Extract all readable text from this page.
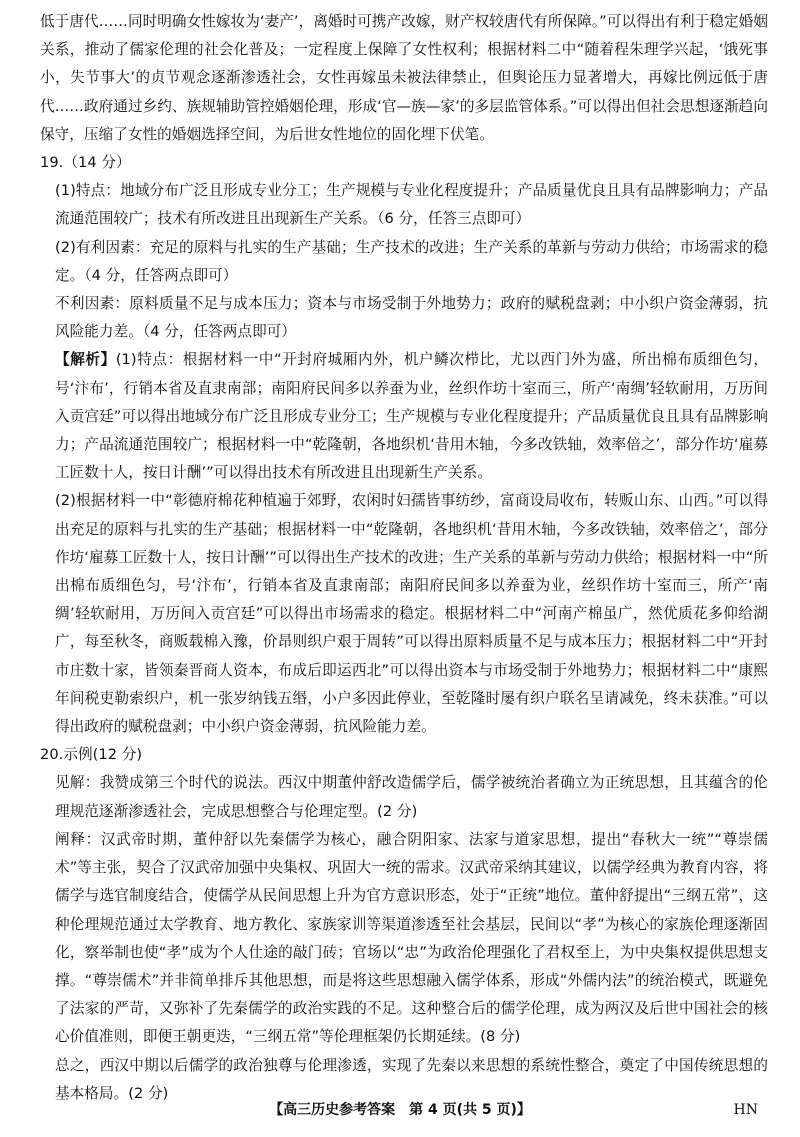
低于唐代……同时明确女性嫁妆为‘妻产’，离婚时可携产改嫁，财产权较唐代有所保障。”可以得出有利于稳定婚姻关系，推动了儒家伦理的社会化普及；一定程度上保障了女性权利；根据材料二中“随着程朱理学兴起，‘饿死事小，失节事大’的贞节观念逐渐渗透社会，女性再嫁虽未被法律禁止，但舆论压力显著增大，再嫁比例远低于唐代……政府通过乡约、族规辅助管控婚姻伦理，形成‘官—族—家’的多层监管体系。”可以得出但社会思想逐渐趋向保守，压缩了女性的婚姻选择空间，为后世女性地位的固化埋下伏笔。

19.（14 分）

(1)特点：地域分布广泛且形成专业分工；生产规模与专业化程度提升；产品质量优良且具有品牌影响力；产品流通范围较广；技术有所改进且出现新生产关系。（6 分，任答三点即可）

(2)有利因素：充足的原料与扎实的生产基础；生产技术的改进；生产关系的革新与劳动力供给；市场需求的稳定。（4 分，任答两点即可）

不利因素：原料质量不足与成本压力；资本与市场受制于外地势力；政府的赋税盘剥；中小织户资金薄弱，抗风险能力差。（4 分，任答两点即可）

【解析】(1)特点：根据材料一中“开封府城厢内外，机户鳞次栉比，尤以西门外为盛，所出棉布质细色匀，号‘汴布’，行销本省及直隶南部；南阳府民间多以养蚕为业，丝织作坊十室而三，所产‘南绸’轻软耐用，万历间入贡宫廷”可以得出地域分布广泛且形成专业分工；生产规模与专业化程度提升；产品质量优良且具有品牌影响力；产品流通范围较广；根据材料一中“乾隆朝，各地织机‘昔用木轴，今多改铁轴，效率倍之’，部分作坊‘雇募工匠数十人，按日计酬’”可以得出技术有所改进且出现新生产关系。

(2)根据材料一中“彰德府棉花种植遍于郊野，农闲时妇孺皆事纺纱，富商设局收布，转贩山东、山西。”可以得出充足的原料与扎实的生产基础；根据材料一中“乾隆朝，各地织机‘昔用木轴，今多改铁轴，效率倍之’，部分作坊‘雇募工匠数十人，按日计酬’”可以得出生产技术的改进；生产关系的革新与劳动力供给；根据材料一中“所出棉布质细色匀，号‘汴布’，行销本省及直隶南部；南阳府民间多以养蚕为业，丝织作坊十室而三，所产‘南绸’轻软耐用，万历间入贡宫廷”可以得出市场需求的稳定。根据材料二中“河南产棉虽广，然优质花多仰给湖广，每至秋冬，商贩载棉入豫，价昂则织户艰于周转”可以得出原料质量不足与成本压力；根据材料二中“开封市庄数十家，皆领秦晋商人资本，布成后即运西北”可以得出资本与市场受制于外地势力；根据材料二中“康熙年间税吏勒索织户，机一张岁纳钱五缗，小户多因此停业，至乾隆时屡有织户联名呈请减免，终未获准。”可以得出政府的赋税盘剥；中小织户资金薄弱，抗风险能力差。

20.示例(12 分)

见解：我赞成第三个时代的说法。西汉中期董仲舒改造儒学后，儒学被统治者确立为正统思想，且其蕴含的伦理规范逐渐渗透社会，完成思想整合与伦理定型。(2 分)

阐释：汉武帝时期，董仲舒以先秦儒学为核心，融合阴阳家、法家与道家思想，提出“春秋大一统”“尊崇儒术”等主张，契合了汉武帝加强中央集权、巩固大一统的需求。汉武帝采纳其建议，以儒学经典为教育内容，将儒学与选官制度结合，使儒学从民间思想上升为官方意识形态，处于“正统”地位。董仲舒提出“三纲五常”，这种伦理规范通过太学教育、地方教化、家族家训等渠道渗透至社会基层，民间以“孝”为核心的家族伦理逐渐固化，察举制也使“孝”成为个人仕途的敲门砖；官场以“忠”为政治伦理强化了君权至上，为中央集权提供思想支撑。“尊崇儒术”并非简单排斥其他思想，而是将这些思想融入儒学体系，形成“外儒内法”的统治模式，既避免了法家的严苛，又弥补了先秦儒学的政治实践的不足。这种整合后的儒学伦理，成为两汉及后世中国社会的核心价值准则，即便王朝更迭，“三纲五常”等伦理框架仍长期延续。(8 分)

总之，西汉中期以后儒学的政治独尊与伦理渗透，实现了先秦以来思想的系统性整合，奠定了中国传统思想的基本格局。(2 分)

【高三历史参考答案　第 4 页(共 5 页)】	HN
